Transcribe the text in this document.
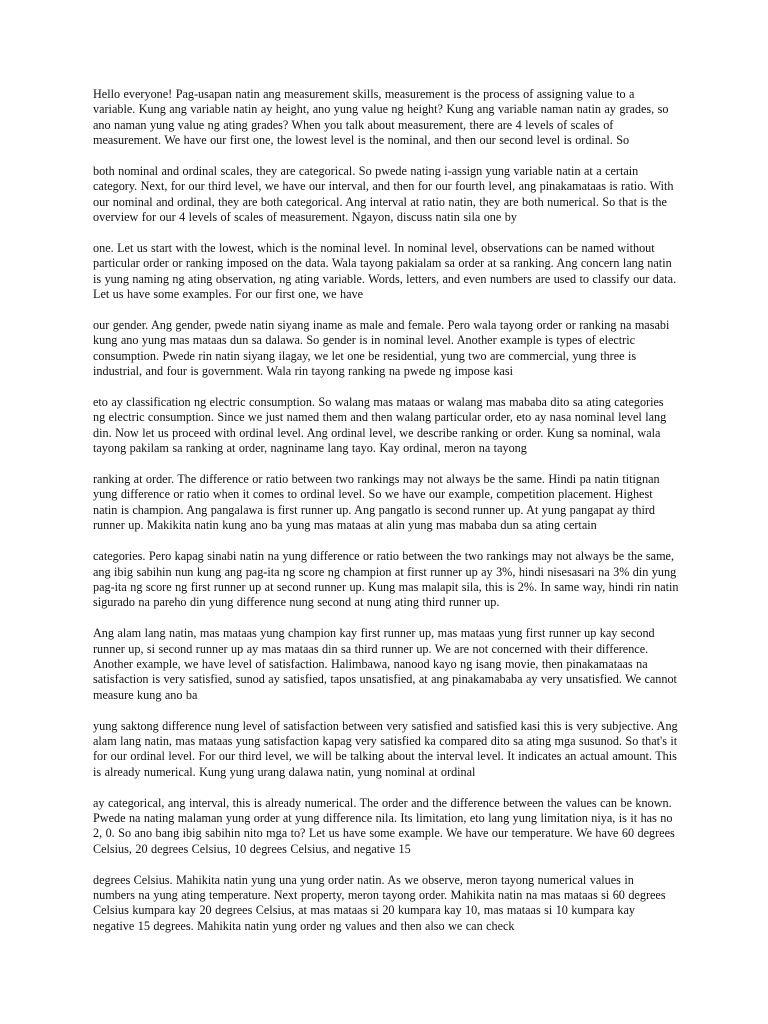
Hello everyone! Pag-usapan natin ang measurement skills, measurement is the process of assigning value to a variable. Kung ang variable natin ay height, ano yung value ng height? Kung ang variable naman natin ay grades, so ano naman yung value ng ating grades? When you talk about measurement, there are 4 levels of scales of measurement. We have our first one, the lowest level is the nominal, and then our second level is ordinal. So

both nominal and ordinal scales, they are categorical. So pwede nating i-assign yung variable natin at a certain category. Next, for our third level, we have our interval, and then for our fourth level, ang pinakamataas is ratio. With our nominal and ordinal, they are both categorical. Ang interval at ratio natin, they are both numerical. So that is the overview for our 4 levels of scales of measurement. Ngayon, discuss natin sila one by

one. Let us start with the lowest, which is the nominal level. In nominal level, observations can be named without particular order or ranking imposed on the data. Wala tayong pakialam sa order at sa ranking. Ang concern lang natin is yung naming ng ating observation, ng ating variable. Words, letters, and even numbers are used to classify our data. Let us have some examples. For our first one, we have

our gender. Ang gender, pwede natin siyang iname as male and female. Pero wala tayong order or ranking na masabi kung ano yung mas mataas dun sa dalawa. So gender is in nominal level. Another example is types of electric consumption. Pwede rin natin siyang ilagay, we let one be residential, yung two are commercial, yung three is industrial, and four is government. Wala rin tayong ranking na pwede ng impose kasi

eto ay classification ng electric consumption. So walang mas mataas or walang mas mababa dito sa ating categories ng electric consumption. Since we just named them and then walang particular order, eto ay nasa nominal level lang din. Now let us proceed with ordinal level. Ang ordinal level, we describe ranking or order. Kung sa nominal, wala tayong pakilam sa ranking at order, nagniname lang tayo. Kay ordinal, meron na tayong

ranking at order. The difference or ratio between two rankings may not always be the same. Hindi pa natin titignan yung difference or ratio when it comes to ordinal level. So we have our example, competition placement. Highest natin is champion. Ang pangalawa is first runner up. Ang pangatlo is second runner up. At yung pangapat ay third runner up. Makikita natin kung ano ba yung mas mataas at alin yung mas mababa dun sa ating certain

categories. Pero kapag sinabi natin na yung difference or ratio between the two rankings may not always be the same, ang ibig sabihin nun kung ang pag-ita ng score ng champion at first runner up ay 3%, hindi nisesasari na 3% din yung pag-ita ng score ng first runner up at second runner up. Kung mas malapit sila, this is 2%. In same way, hindi rin natin sigurado na pareho din yung difference nung second at nung ating third runner up.

Ang alam lang natin, mas mataas yung champion kay first runner up, mas mataas yung first runner up kay second runner up, si second runner up ay mas mataas din sa third runner up. We are not concerned with their difference. Another example, we have level of satisfaction. Halimbawa, nanood kayo ng isang movie, then pinakamataas na satisfaction is very satisfied, sunod ay satisfied, tapos unsatisfied, at ang pinakamababa ay very unsatisfied. We cannot measure kung ano ba

yung saktong difference nung level of satisfaction between very satisfied and satisfied kasi this is very subjective. Ang alam lang natin, mas mataas yung satisfaction kapag very satisfied ka compared dito sa ating mga susunod. So that's it for our ordinal level. For our third level, we will be talking about the interval level. It indicates an actual amount. This is already numerical. Kung yung urang dalawa natin, yung nominal at ordinal

ay categorical, ang interval, this is already numerical. The order and the difference between the values can be known. Pwede na nating malaman yung order at yung difference nila. Its limitation, eto lang yung limitation niya, is it has no 2, 0. So ano bang ibig sabihin nito mga to? Let us have some example. We have our temperature. We have 60 degrees Celsius, 20 degrees Celsius, 10 degrees Celsius, and negative 15

degrees Celsius. Mahikita natin yung una yung order natin. As we observe, meron tayong numerical values in numbers na yung ating temperature. Next property, meron tayong order. Mahikita natin na mas mataas si 60 degrees Celsius kumpara kay 20 degrees Celsius, at mas mataas si 20 kumpara kay 10, mas mataas si 10 kumpara kay negative 15 degrees. Mahikita natin yung order ng values and then also we can check
